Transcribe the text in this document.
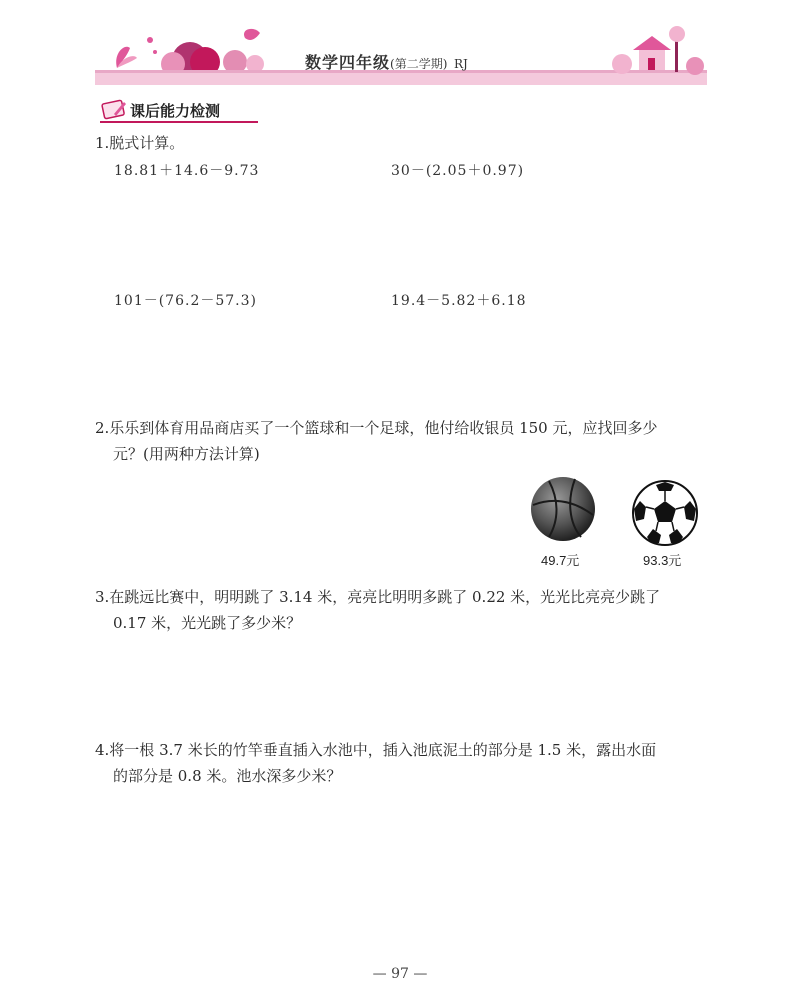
数学四年级(第二学期) RJ
课后能力检测
1.脱式计算。
18.81＋14.6－9.73	30－(2.05＋0.97)
101－(76.2－57.3)	19.4－5.82＋6.18
2.乐乐到体育用品商店买了一个篮球和一个足球，他付给收银员 150 元，应找回多少
元？(用两种方法计算)
49.7元	93.3元
3.在跳远比赛中，明明跳了 3.14 米，亮亮比明明多跳了 0.22 米，光光比亮亮少跳了
0.17 米，光光跳了多少米？
4.将一根 3.7 米长的竹竿垂直插入水池中，插入池底泥土的部分是 1.5 米，露出水面
的部分是 0.8 米。池水深多少米？
— 97 —
